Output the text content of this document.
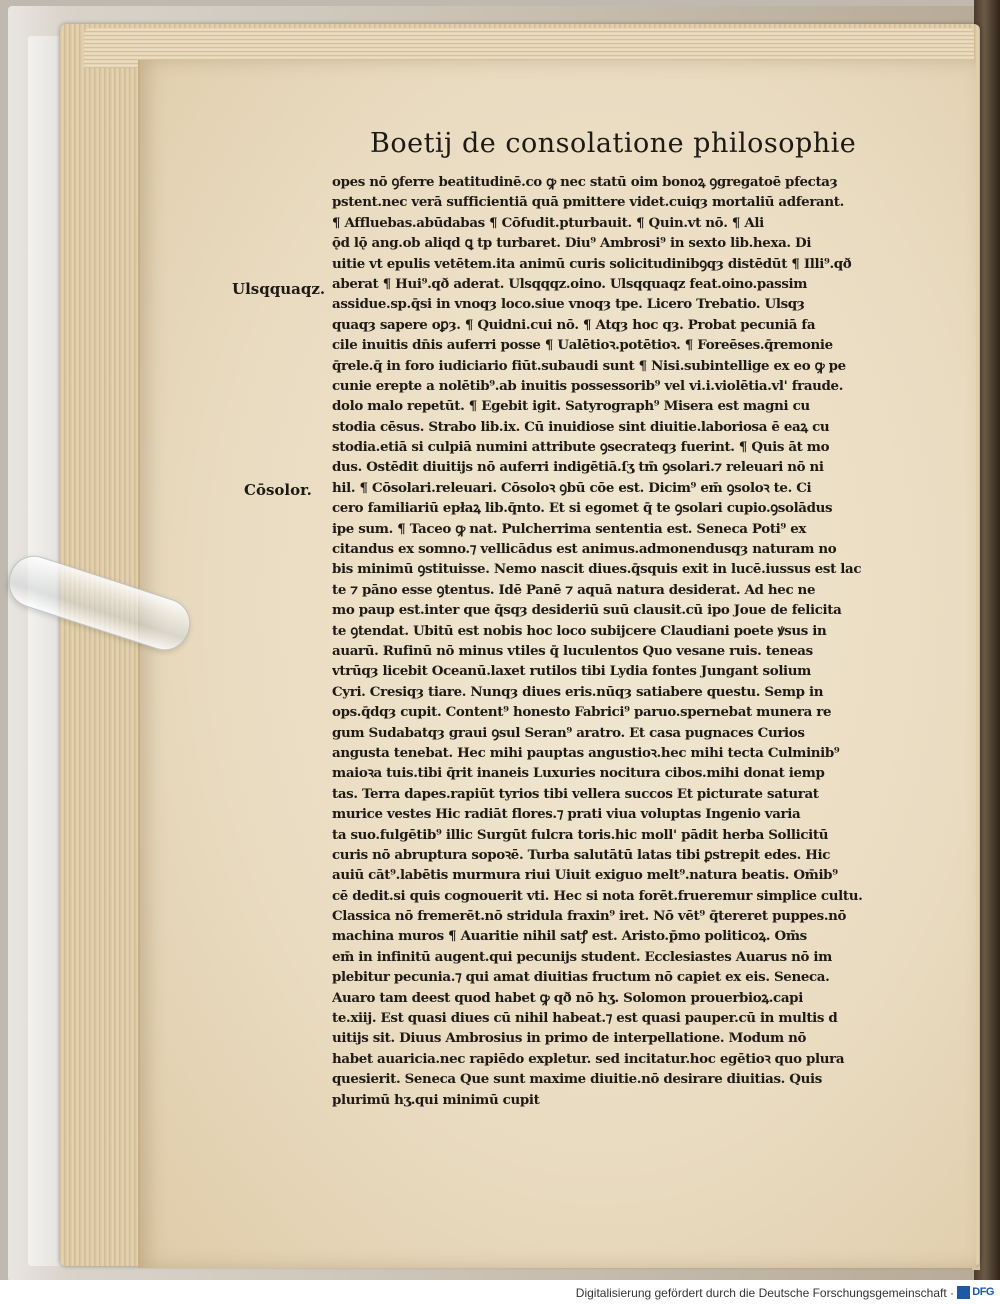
Boetij de consolatione philosophie
Ulsqquaqz.
Cōsolor.
opes nō ꝯferre beatitudinē.co ꝙ nec statū oim bonoꝝ ꝯgregatoē pfectaȝ
pstent.nec verā sufficientiā quā pmittere videt.cuiqȝ mortaliū adferant.
¶ Affluebas.abūdabas ¶ Cōfudit.pturbauit. ¶ Quin.vt nō. ¶ Ali
ǭd lǭ ang.ob aliqd ꝗ tp turbaret. Diu⁹ Ambrosi⁹ in sexto lib.hexa. Di
uitie vt epulis vetētem.ita animū curis solicitudinibꝯqȝ distēdūt ¶ Illi⁹.qð
aberat ¶ Hui⁹.qð aderat. Ulsqqqz.oino. Ulsqquaqz feat.oino.passim
assidue.sp.q̄si in vnoqȝ loco.siue vnoqȝ tpe. Licero Trebatio. Ulsqȝ
quaqȝ sapere oꝑȝ. ¶ Quidni.cui nō. ¶ Atqȝ hoc qȝ. Probat pecuniā fa
cile inuitis dn̄is auferri posse ¶ Ualētioꝛ.potētioꝛ. ¶ Foreēses.q̄remonie
q̄rele.q̄ in foro iudiciario fiūt.subaudi sunt ¶ Nisi.subintellige ex eo ꝙ pe
cunie erepte a nolētib⁹.ab inuitis possessorib⁹ vel vi.i.violētia.vl' fraude.
dolo malo repetūt. ¶ Egebit igit. Satyrograph⁹ Misera est magni cu
stodia cēsus. Strabo lib.ix. Cū inuidiose sint diuitie.laboriosa ē eaꝝ cu
stodia.etiā si culpiā numini attribute ꝯsecrateqȝ fuerint. ¶ Quis āt mo
dus. Ostēdit diuitijs nō auferri indigētiā.ſʒ tm̄ ꝯsolari.⁊ releuari nō ni
hil. ¶ Cōsolari.releuari. Cōsoloꝛ ꝯbū cōe est. Dicim⁹ em̄ ꝯsoloꝛ te. Ci
cero familiariū epłaꝝ lib.q̄nto. Et si egomet q̄ te ꝯsolari cupio.ꝯsolādus
ipe sum. ¶ Taceo ꝙ nat. Pulcherrima sententia est. Seneca Poti⁹ ex
citandus ex somno.⁊ vellicādus est animus.admonendusqȝ naturam no
bis minimū ꝯstituisse. Nemo nascit diues.q̄squis exit in lucē.iussus est lac
te ⁊ pāno esse ꝯtentus. Idē Panē ⁊ aquā natura desiderat. Ad hec ne
mo paup est.inter que q̄sqȝ desideriū suū clausit.cū ipo Joue de felicita
te ꝯtendat. Ubitū est nobis hoc loco subijcere Claudiani poete ꝟsus in
auarū. Rufinū nō minus vtiles q̄ luculentos Quo vesane ruis. teneas
vtrūqȝ licebit Oceanū.laxet rutilos tibi Lydia fontes Jungant solium
Cyri. Cresiqȝ tiare. Nunqȝ diues eris.nūqȝ satiabere questu. Semp in
ops.q̄dqȝ cupit. Content⁹ honesto Fabrici⁹ paruo.spernebat munera re
gum Sudabatqȝ graui ꝯsul Seran⁹ aratro. Et casa pugnaces Curios
angusta tenebat. Hec mihi pauptas angustioꝛ.hec mihi tecta Culminib⁹
maioꝛa tuis.tibi q̄rit inaneis Luxuries nocitura cibos.mihi donat iemp
tas. Terra dapes.rapiūt tyrios tibi vellera succos Et picturate saturat
murice vestes Hic radiāt flores.⁊ prati viua voluptas Ingenio varia
ta suo.fulgētib⁹ illic Surgūt fulcra toris.hic moll' pādit herba Sollicitū
curis nō abruptura sopoꝛē. Turba salutātū latas tibi ꝑstrepit edes. Hic
auiū cāt⁹.labētis murmura riui Uiuit exiguo melt⁹.natura beatis. Om̄ib⁹
cē dedit.si quis cognouerit vti. Hec si nota forēt.frueremur simplice cultu.
Classica nō fremerēt.nō stridula fraxin⁹ iret. Nō vēt⁹ q̄tereret puppes.nō
machina muros ¶ Auaritie nihil satꝭ est. Aristo.p̄mo politicoꝝ. Om̄s
em̄ in infinitū augent.qui pecunijs student. Ecclesiastes Auarus nō im
plebitur pecunia.⁊ qui amat diuitias fructum nō capiet ex eis. Seneca.
Auaro tam deest quod habet ꝙ qð nō hʒ. Solomon prouerbioꝝ.capi
te.xiij. Est quasi diues cū nihil habeat.⁊ est quasi pauper.cū in multis d
uitijs sit. Diuus Ambrosius in primo de interpellatione. Modum nō
habet auaricia.nec rapiēdo expletur. sed incitatur.hoc egētioꝛ quo plura
quesierit. Seneca Que sunt maxime diuitie.nō desirare diuitias. Quis
plurimū hʒ.qui minimū cupit
Digitalisierung gefördert durch die Deutsche Forschungsgemeinschaft · DFG
